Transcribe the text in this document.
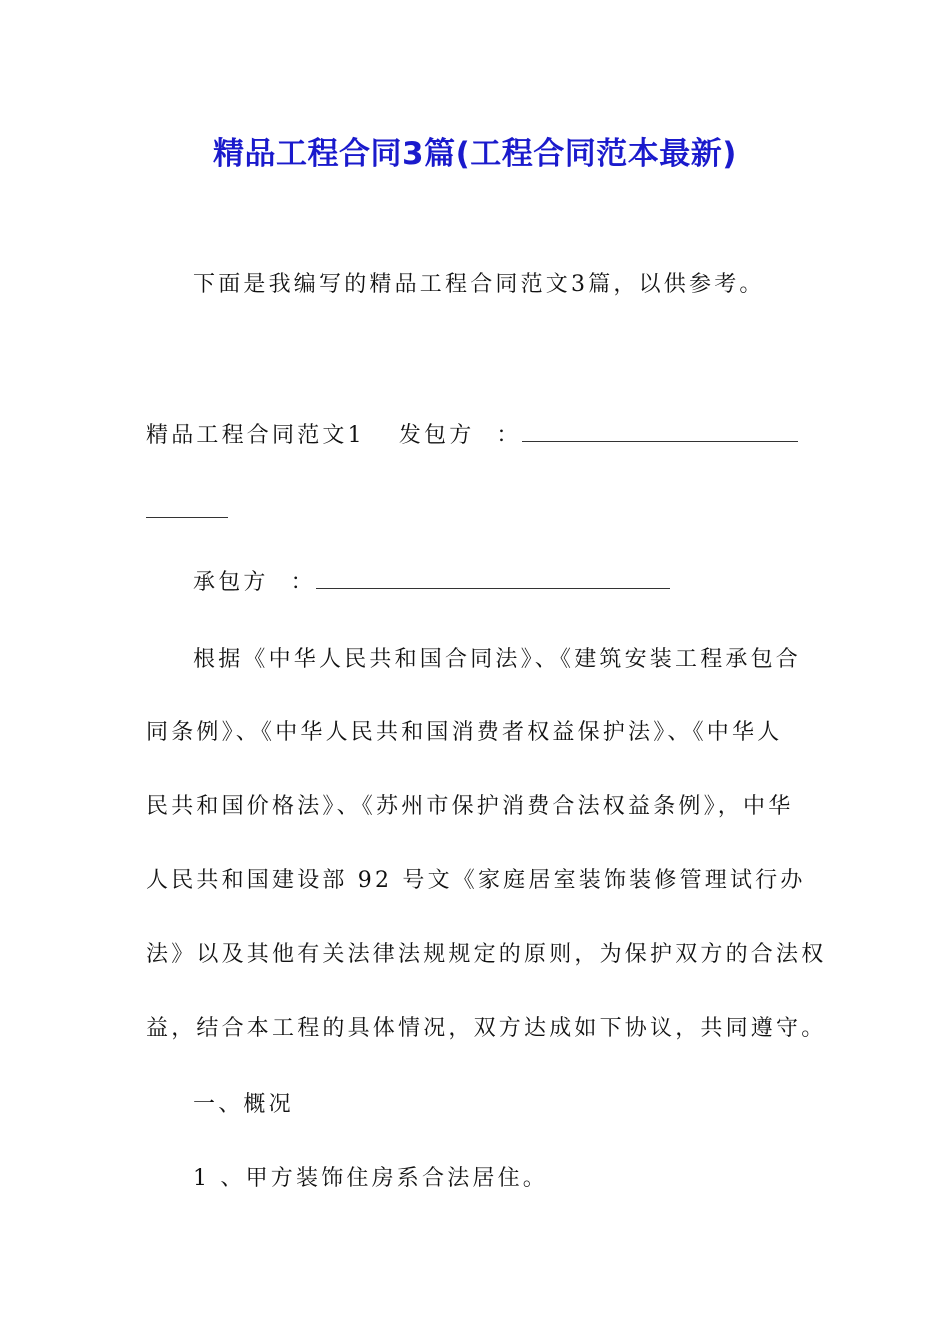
精品工程合同3篇(工程合同范本最新)
下面是我编写的精品工程合同范文3篇，以供参考。
精品工程合同范文1 发包方 ：
承包方 ：
根据《中华人民共和国合同法》、《建筑安装工程承包合
同条例》、《中华人民共和国消费者权益保护法》、《中华人
民共和国价格法》、《苏州市保护消费合法权益条例》，中华
人民共和国建设部 92 号文《家庭居室装饰装修管理试行办
法》以及其他有关法律法规规定的原则，为保护双方的合法权
益，结合本工程的具体情况，双方达成如下协议，共同遵守。
一、概况
1 、甲方装饰住房系合法居住。
